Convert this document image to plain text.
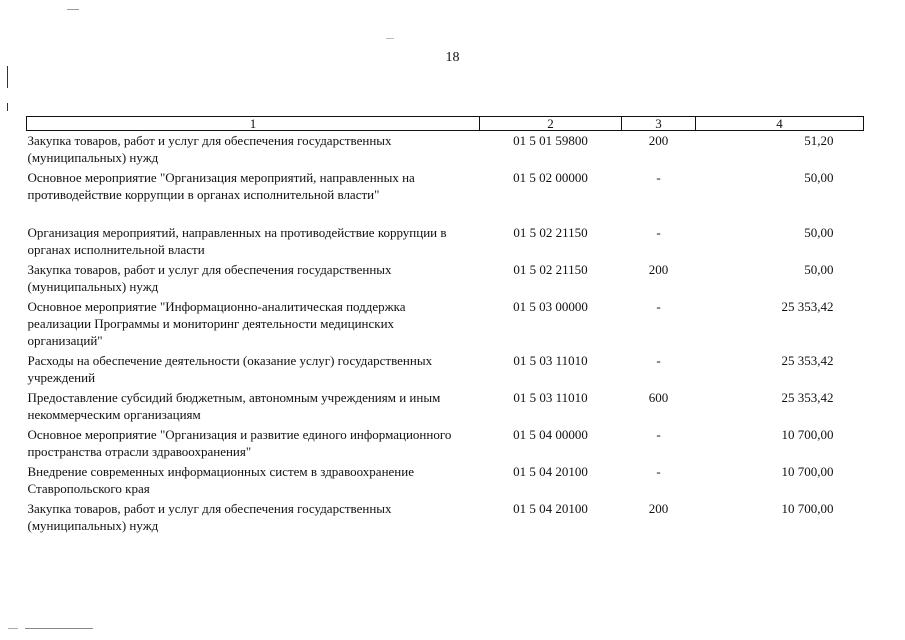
18
1	2	3	4
Закупка товаров, работ и услуг для обеспечения государственных (муниципальных) нужд	01 5 01 59800	200	51,20
Основное мероприятие "Организация мероприятий, направленных на противодействие коррупции в органах исполнительной власти"	01 5 02 00000	-	50,00
Организация мероприятий, направленных на противодействие коррупции в органах исполнительной власти	01 5 02 21150	-	50,00
Закупка товаров, работ и услуг для обеспечения государственных (муниципальных) нужд	01 5 02 21150	200	50,00
Основное мероприятие "Информационно-аналитическая поддержка реализации Программы и мониторинг деятельности медицинских организаций"	01 5 03 00000	-	25 353,42
Расходы на обеспечение деятельности (оказание услуг) государственных учреждений	01 5 03 11010	-	25 353,42
Предоставление субсидий бюджетным, автономным учреждениям и иным некоммерческим организациям	01 5 03 11010	600	25 353,42
Основное мероприятие "Организация и развитие единого информационного пространства отрасли здравоохранения"	01 5 04 00000	-	10 700,00
Внедрение современных информационных систем в здравоохранение Ставропольского края	01 5 04 20100	-	10 700,00
Закупка товаров, работ и услуг для обеспечения государственных (муниципальных) нужд	01 5 04 20100	200	10 700,00
